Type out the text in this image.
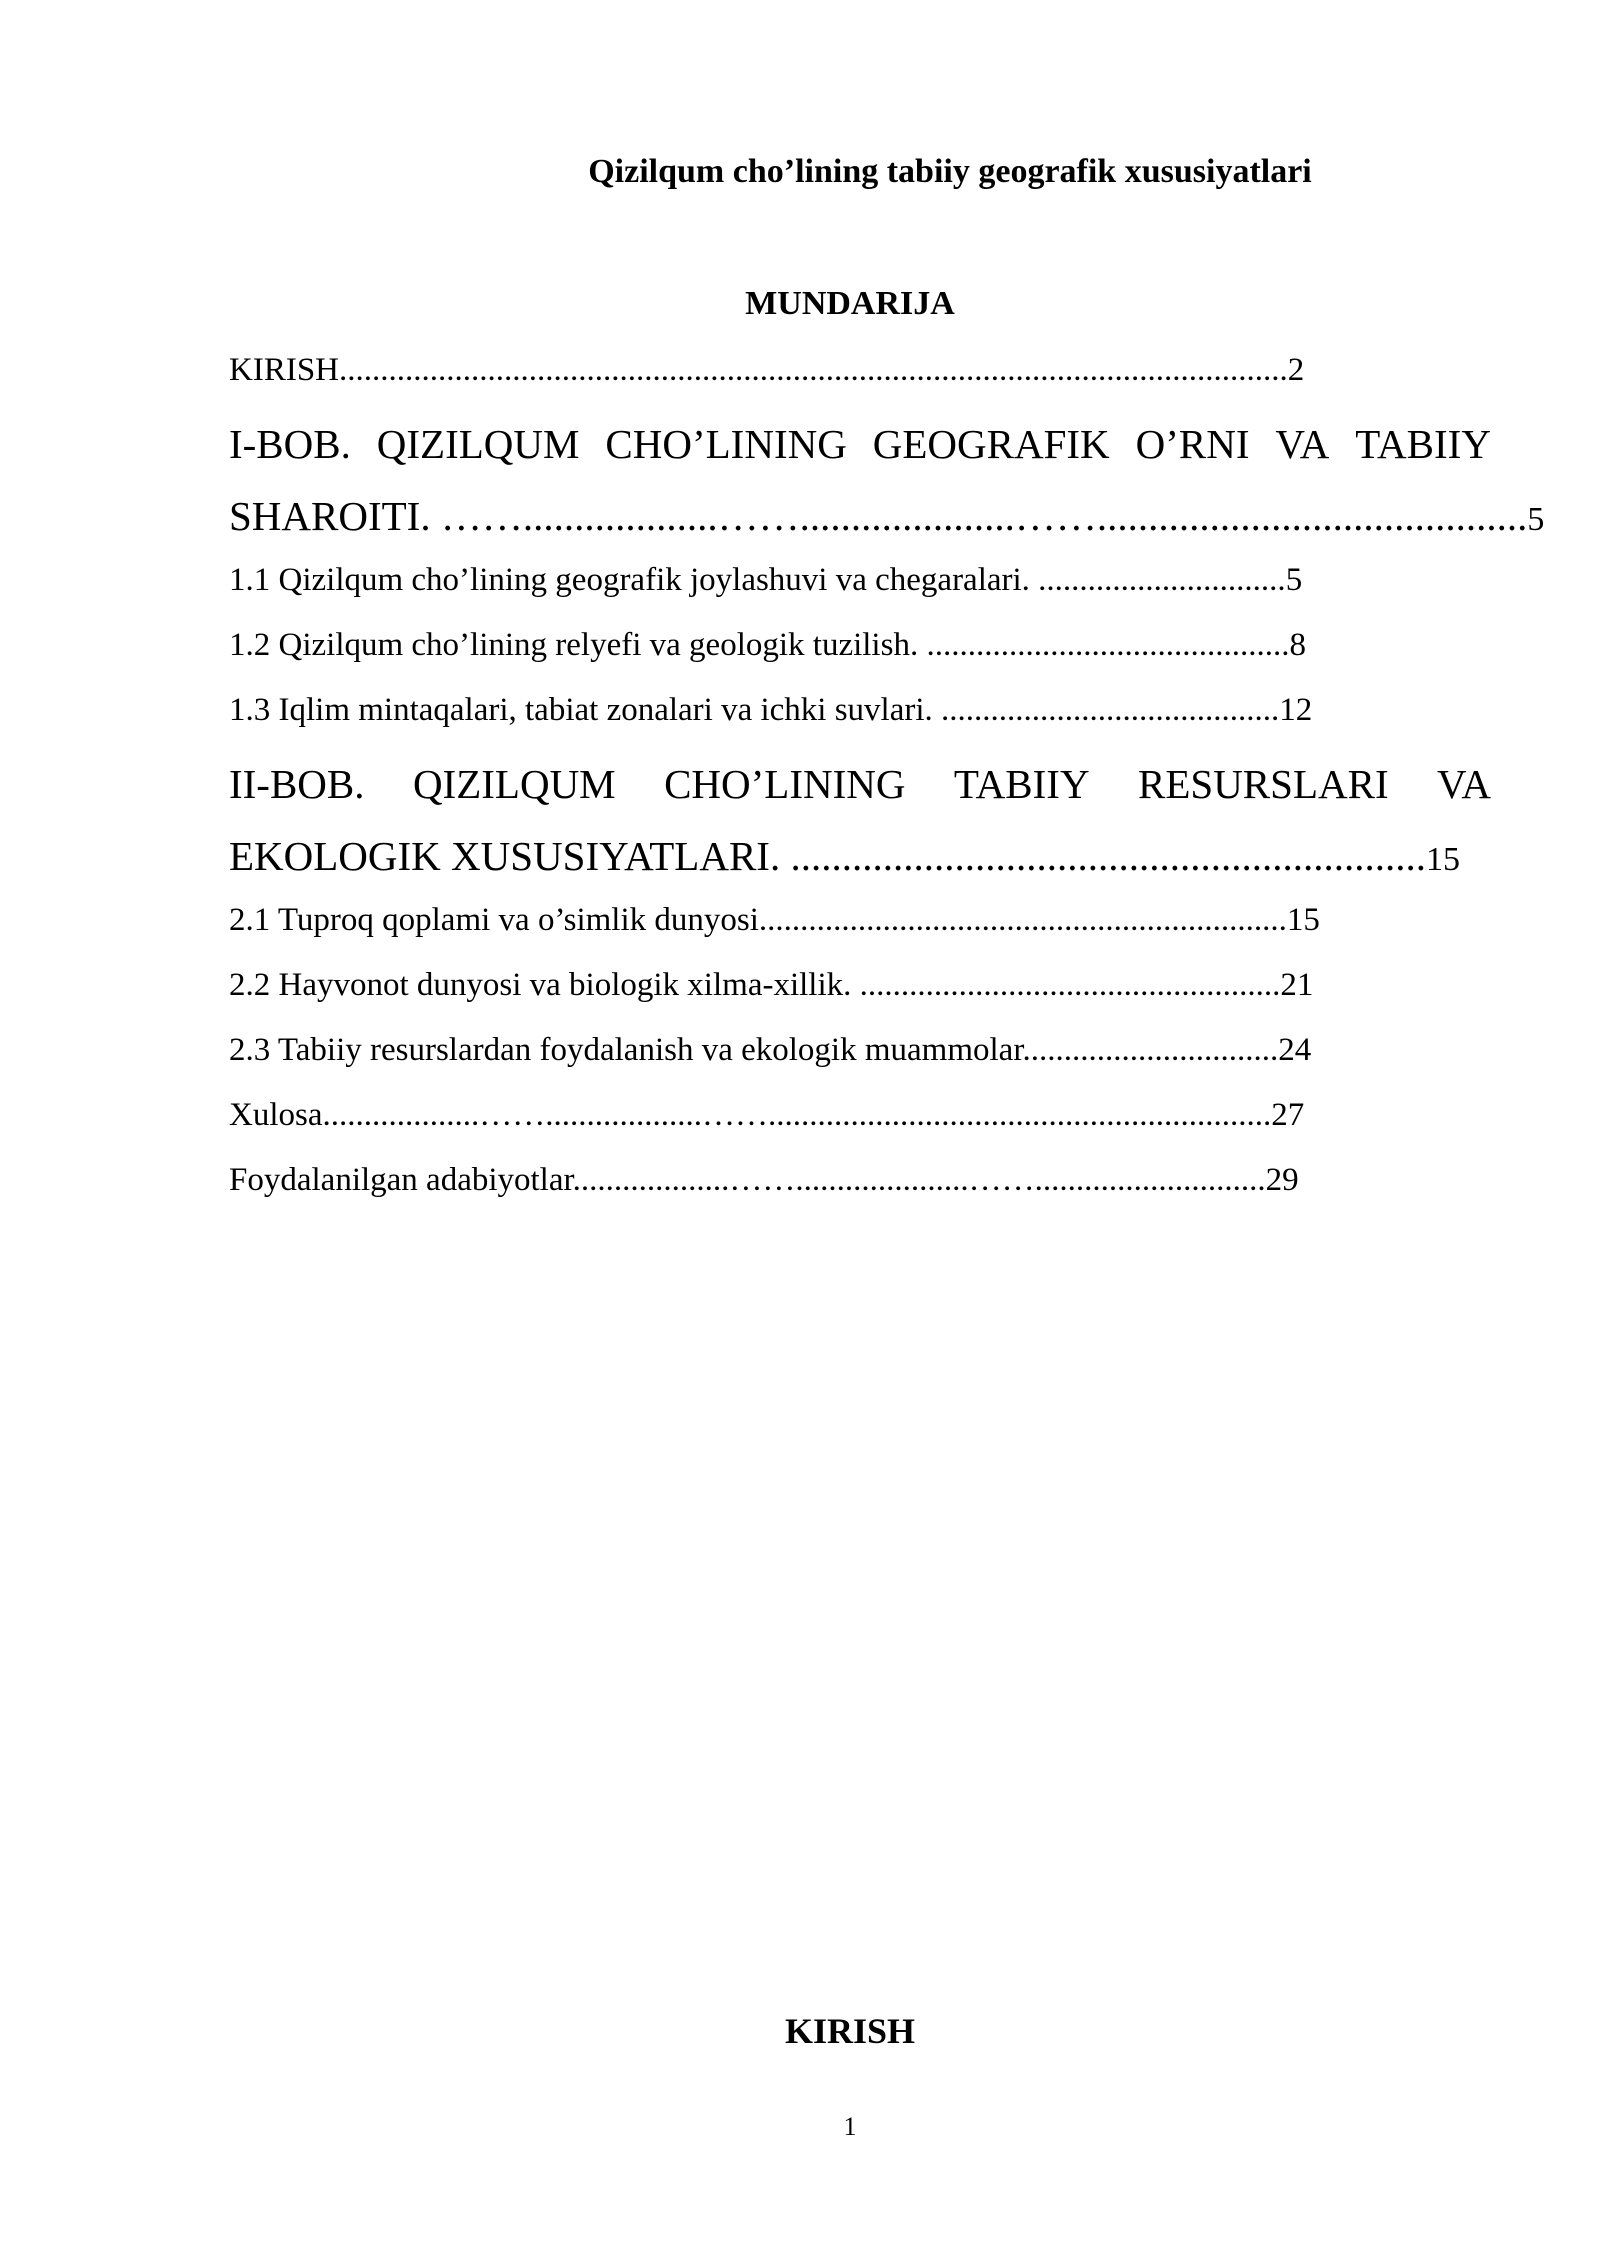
Qizilqum cho’lining tabiiy geografik xususiyatlari
MUNDARIJA
KIRISH...................................................................................................................2
I-BOB. QIZILQUM CHO’LINING GEOGRAFIK O’RNI VA TABIIY
SHAROITI. ……...................…….....................……..........................................5
1.1 Qizilqum cho’lining geografik joylashuvi va chegaralari. ..............................5
1.2 Qizilqum cho’lining relyefi va geologik tuzilish. ............................................8
1.3 Iqlim mintaqalari, tabiat zonalari va ichki suvlari. .........................................12
II-BOB. QIZILQUM CHO’LINING TABIIY RESURSLARI VA
EKOLOGIK XUSUSIYATLARI. ..............................................................15
2.1 Tuproq qoplami va o’simlik dunyosi................................................................15
2.2 Hayvonot dunyosi va biologik xilma-xillik. ...................................................21
2.3 Tabiiy resurslardan foydalanish va ekologik muammolar...............................24
Xulosa...................……...................…….............................................................27
Foydalanilgan adabiyotlar...................…….....................……............................29
KIRISH
1
